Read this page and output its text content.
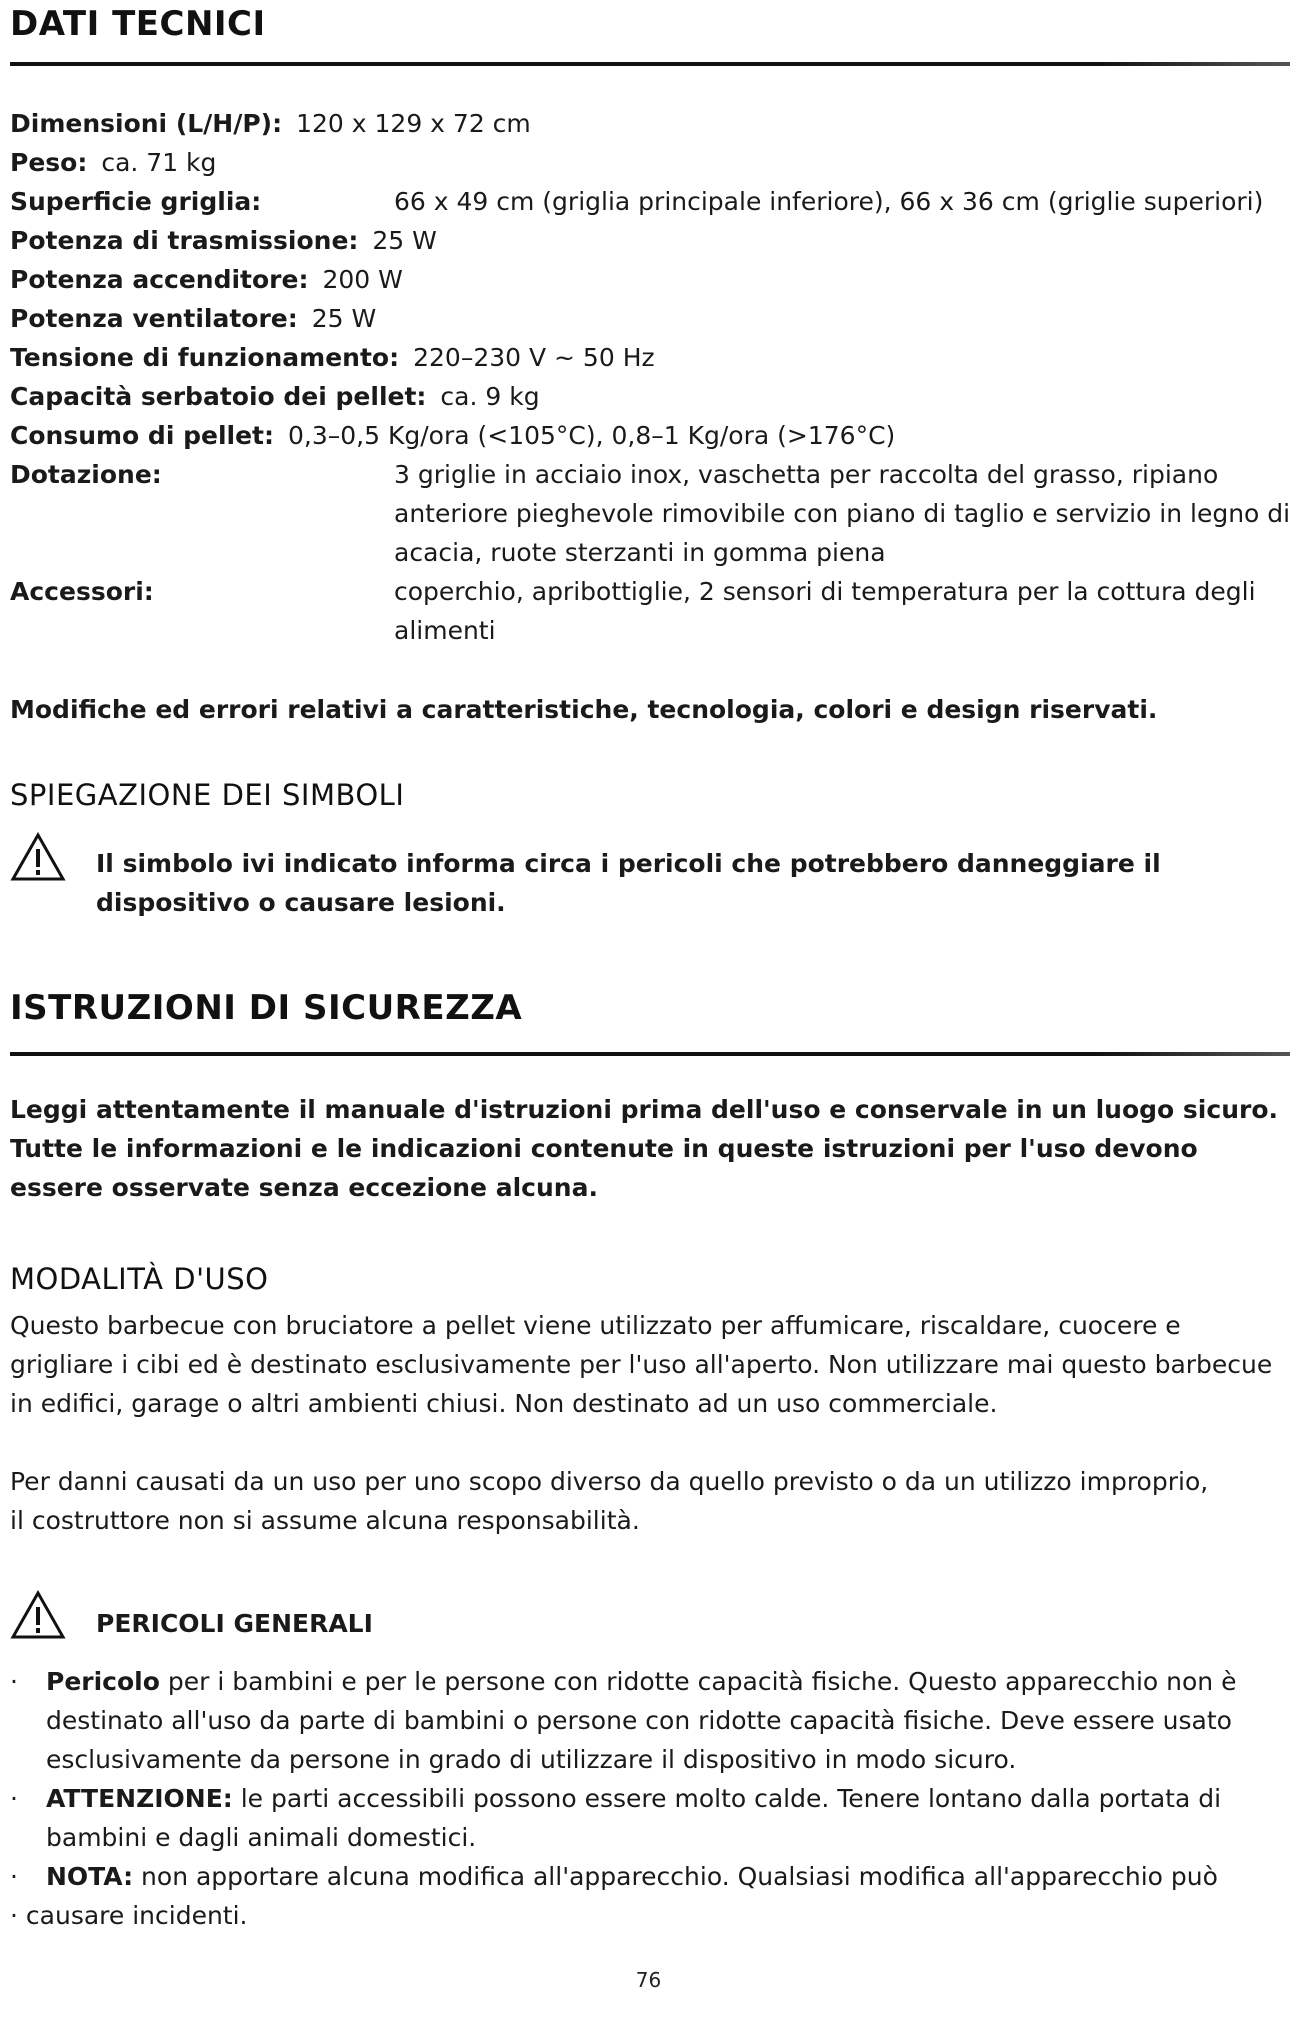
DATI TECNICI
Dimensioni (L/H/P): 120 x 129 x 72 cm
Peso: ca. 71 kg
Superficie griglia:	66 x 49 cm (griglia principale inferiore), 66 x 36 cm (griglie superiori)
Potenza di trasmissione: 25 W
Potenza accenditore: 200 W
Potenza ventilatore: 25 W
Tensione di funzionamento: 220–230 V ~ 50 Hz
Capacità serbatoio dei pellet: ca. 9 kg
Consumo di pellet: 0,3–0,5 Kg/ora (<105°C), 0,8–1 Kg/ora (>176°C)
Dotazione:	3 griglie in acciaio inox, vaschetta per raccolta del grasso, ripiano anteriore pieghevole rimovibile con piano di taglio e servizio in legno di acacia, ruote sterzanti in gomma piena
Accessori:	coperchio, apribottiglie, 2 sensori di temperatura per la cottura degli alimenti
Modifiche ed errori relativi a caratteristiche, tecnologia, colori e design riservati.
SPIEGAZIONE DEI SIMBOLI
Il simbolo ivi indicato informa circa i pericoli che potrebbero danneggiare il dispositivo o causare lesioni.
ISTRUZIONI DI SICUREZZA
Leggi attentamente il manuale d'istruzioni prima dell'uso e conservale in un luogo sicuro. Tutte le informazioni e le indicazioni contenute in queste istruzioni per l'uso devono essere osservate senza eccezione alcuna.
MODALITÀ D'USO
Questo barbecue con bruciatore a pellet viene utilizzato per affumicare, riscaldare, cuocere e grigliare i cibi ed è destinato esclusivamente per l'uso all'aperto. Non utilizzare mai questo barbecue in edifici, garage o altri ambienti chiusi. Non destinato ad un uso commerciale.
Per danni causati da un uso per uno scopo diverso da quello previsto o da un utilizzo improprio, il costruttore non si assume alcuna responsabilità.
PERICOLI GENERALI
· Pericolo per i bambini e per le persone con ridotte capacità fisiche. Questo apparecchio non è destinato all'uso da parte di bambini o persone con ridotte capacità fisiche. Deve essere usato esclusivamente da persone in grado di utilizzare il dispositivo in modo sicuro.
· ATTENZIONE: le parti accessibili possono essere molto calde. Tenere lontano dalla portata di bambini e dagli animali domestici.
· NOTA: non apportare alcuna modifica all'apparecchio. Qualsiasi modifica all'apparecchio può
· causare incidenti.
76
